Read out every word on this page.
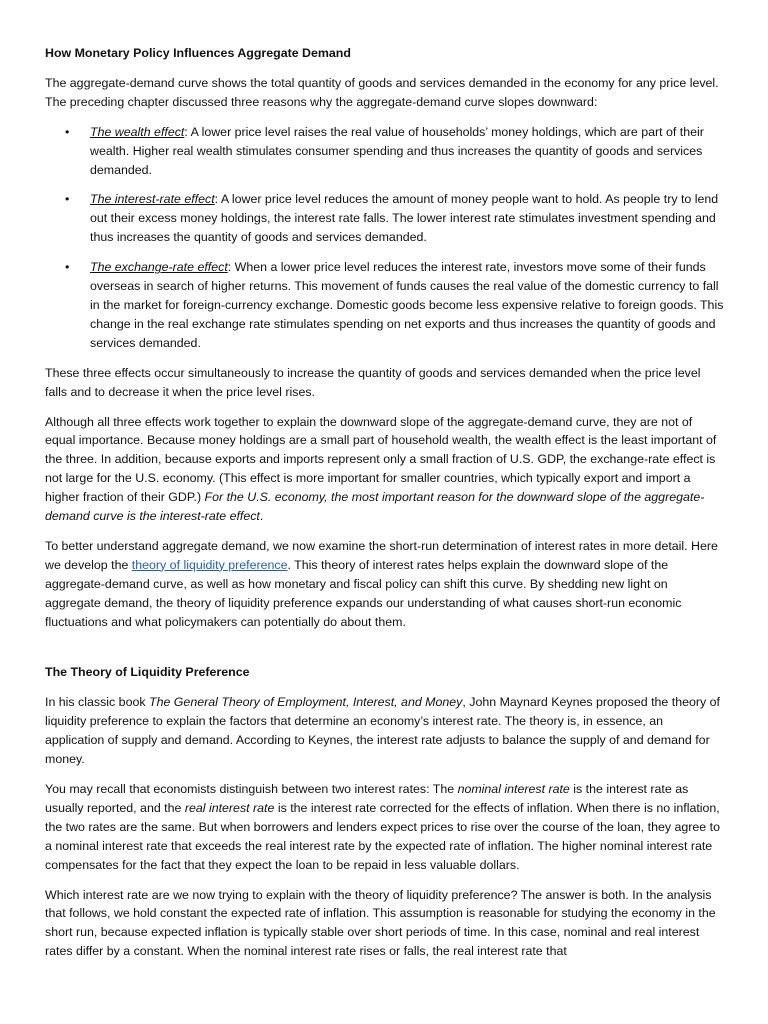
How Monetary Policy Influences Aggregate Demand

The aggregate-demand curve shows the total quantity of goods and services demanded in the economy for any price level. The preceding chapter discussed three reasons why the aggregate-demand curve slopes downward:

• The wealth effect: A lower price level raises the real value of households’ money holdings, which are part of their wealth. Higher real wealth stimulates consumer spending and thus increases the quantity of goods and services demanded.
• The interest-rate effect: A lower price level reduces the amount of money people want to hold. As people try to lend out their excess money holdings, the interest rate falls. The lower interest rate stimulates investment spending and thus increases the quantity of goods and services demanded.
• The exchange-rate effect: When a lower price level reduces the interest rate, investors move some of their funds overseas in search of higher returns. This movement of funds causes the real value of the domestic currency to fall in the market for foreign-currency exchange. Domestic goods become less expensive relative to foreign goods. This change in the real exchange rate stimulates spending on net exports and thus increases the quantity of goods and services demanded.

These three effects occur simultaneously to increase the quantity of goods and services demanded when the price level falls and to decrease it when the price level rises.

Although all three effects work together to explain the downward slope of the aggregate-demand curve, they are not of equal importance. Because money holdings are a small part of household wealth, the wealth effect is the least important of the three. In addition, because exports and imports represent only a small fraction of U.S. GDP, the exchange-rate effect is not large for the U.S. economy. (This effect is more important for smaller countries, which typically export and import a higher fraction of their GDP.) For the U.S. economy, the most important reason for the downward slope of the aggregate-demand curve is the interest-rate effect.

To better understand aggregate demand, we now examine the short-run determination of interest rates in more detail. Here we develop the theory of liquidity preference. This theory of interest rates helps explain the downward slope of the aggregate-demand curve, as well as how monetary and fiscal policy can shift this curve. By shedding new light on aggregate demand, the theory of liquidity preference expands our understanding of what causes short-run economic fluctuations and what policymakers can potentially do about them.

The Theory of Liquidity Preference

In his classic book The General Theory of Employment, Interest, and Money, John Maynard Keynes proposed the theory of liquidity preference to explain the factors that determine an economy’s interest rate. The theory is, in essence, an application of supply and demand. According to Keynes, the interest rate adjusts to balance the supply of and demand for money.

You may recall that economists distinguish between two interest rates: The nominal interest rate is the interest rate as usually reported, and the real interest rate is the interest rate corrected for the effects of inflation. When there is no inflation, the two rates are the same. But when borrowers and lenders expect prices to rise over the course of the loan, they agree to a nominal interest rate that exceeds the real interest rate by the expected rate of inflation. The higher nominal interest rate compensates for the fact that they expect the loan to be repaid in less valuable dollars.

Which interest rate are we now trying to explain with the theory of liquidity preference? The answer is both. In the analysis that follows, we hold constant the expected rate of inflation. This assumption is reasonable for studying the economy in the short run, because expected inflation is typically stable over short periods of time. In this case, nominal and real interest rates differ by a constant. When the nominal interest rate rises or falls, the real interest rate that
